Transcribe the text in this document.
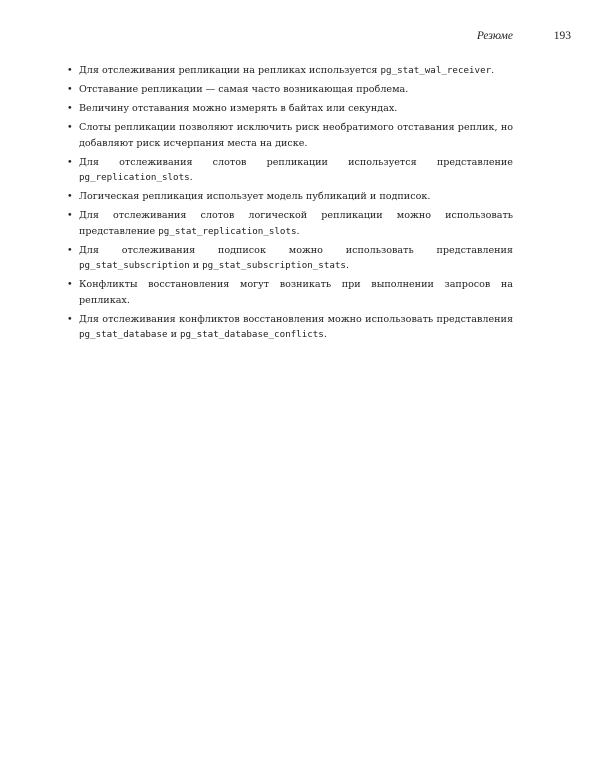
Резюме	193
• Для отслеживания репликации на репликах используется pg_stat_wal_receiver.
• Отставание репликации — самая часто возникающая проблема.
• Величину отставания можно измерять в байтах или секундах.
• Слоты репликации позволяют исключить риск необратимого отставания реплик, но добавляют риск исчерпания места на диске.
• Для отслеживания слотов репликации используется представление pg_replication_slots.
• Логическая репликация использует модель публикаций и подписок.
• Для отслеживания слотов логической репликации можно использовать представление pg_stat_replication_slots.
• Для отслеживания подписок можно использовать представления pg_stat_subscription и pg_stat_subscription_stats.
• Конфликты восстановления могут возникать при выполнении запросов на репликах.
• Для отслеживания конфликтов восстановления можно использовать представления pg_stat_database и pg_stat_database_conflicts.
